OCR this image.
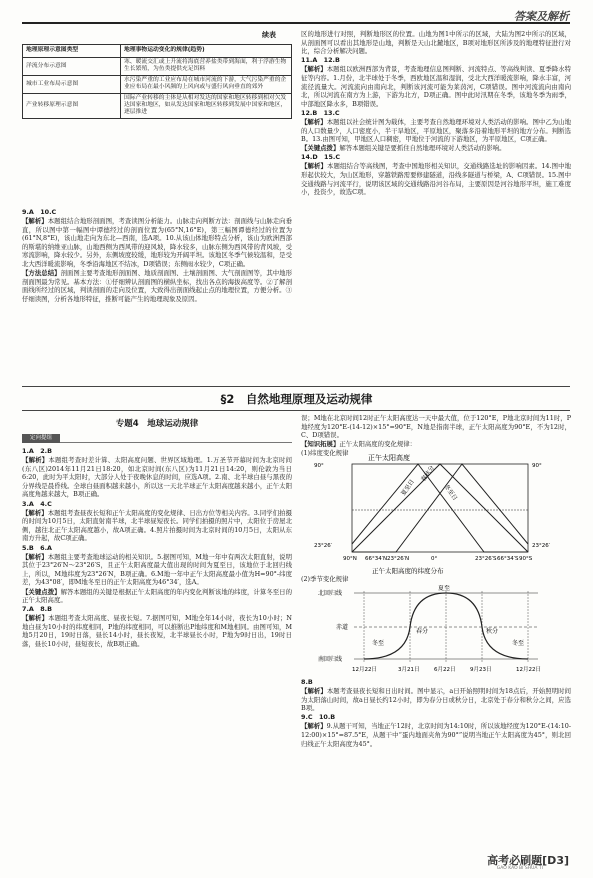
答案及解析
续表
地理原理示意图类型	地理事物运动变化的规律(趋势)
洋流分布示意图	寒、暖流交汇或上升流将海底营养盐类带到海面，利于浮游生物生长繁殖，为鱼类提供充足饵料
城市工业布局示意图	水污染严重的工业应布局在城市河流的下游，大气污染严重的企业应布局在最小风频的上风向或与盛行风向垂直的郊外
产业转移原理示意图	国际产业转移的主体是从相对发达的国家和地区转移到相对欠发达国家和地区，如从发达国家和地区转移到发展中国家和地区，逐层推进

9.A　10.C

【解析】本题组结合地形剖面图，考查读图分析能力。山脉走向判断方法：剖面线与山脉走向垂直，所以图中第一幅图中谭德经过的剖面位置为(65°N,16°E)，第三幅图谭德经过的位置为(61°N,8°E)，该山地走向为东北—西南，选A项。10.从该山体地形特点分析，该山为欧洲西部的斯堪的纳维亚山脉，山地西侧为西风带的迎风坡，降水较多，山脉东侧为西风带的背风坡，受寒流影响，降水较少。另外，东侧坡度较缓，地形较为开阔平坦。该地区冬季气候较温和，是受北大西洋暖流影响，冬季沿海地区不结冰，D项错误；东侧雨水较少，C项正确。

【方法总结】剖面图主要考查地形剖面图、地质剖面图、土壤剖面图、大气剖面图等，其中地形剖面图最为常见。基本方法：①仔细辨认剖面图的横纵坐标，找出各点的海拔高度等。②了解剖面线所经过的区域，判读剖面的走向及位置，大致得出剖面线起止点的地理位置，方便分析。③仔细读图，分析各地形特征，推断可能产生的地理现象及原因。

区的地形进行对照，判断地形区的位置。山地为图1中所示的区域，大陆为图2中所示的区域，从剖面图可以看出其地形是山地，判断是天山北麓地区，B项对地形区所涉及的地理特征进行对比，综合分析解决问题。

11.A　12.B

【解析】本题组以欧洲西部为背景，考查地理信息图判断、河流特点、等高线判读、夏季降水特征等内容。1.月份，北半球处于冬季，西欧地区温和湿润，受北大西洋暖流影响，降水丰富，河流径流量大。河流流向由南向北，判断该河流可能为莱茵河，C项错误。图中河流流向由南向北，所以河流在南方为上游，下游为北方，D项正确。图中此时汛期在冬季，该地冬季为雨季，中部地区降水多，B项错误。

12.B　13.C

【解析】本题组以社会统计图为载体，主要考查自然地理环境对人类活动的影响。图中乙为山地的人口数量少，人口密度小，半干旱地区，平原地区，聚落多沿着地形平坦的地方分布。判断选B。13.由图可知，甲地区人口稠密，甲地位于河流的下游地区，为平原地区，C项正确。

【关键点拨】解答本题组关键是要抓住自然地理环境对人类活动的影响。

14.D　15.C

【解析】本题组结合等高线图，考查中国地形相关知识，交通线路选址的影响因素。14.图中地形起伏较大，为山区地形，穿越铁路需要修建隧道，沿线多隧道与桥梁，A、C项错误。15.图中交通线路与河流平行，说明该区域的交通线路沿河谷布局，主要原因是河谷地形平坦，施工难度小，投资少，故选C项。

§2　自然地理原理及运动规律
专题4　地球运动规律
定向提组

1.A　2.B

【解析】本题组考查时差计算、太阳高度问题、世界区域地理。1.万圣节开幕时间为北京时间(东八区)2014年11月21日18:20，如北京时间(东八区)为11月21日14:20，则伦敦为当日6:20，此时为平太阳时，大部分人处于夜晚休息的时间，应选A项。2.南、北半球白昼与黑夜的分界线是晨昏线。全球白昼面积越来越小，所以这一天北半球正午太阳高度越来越小，正午太阳高度角越来越大，B项正确。

3.A　4.C

【解析】本题组考查昼夜长短和正午太阳高度的变化规律、日出方位等相关内容。3.同学们拍摄的时间为10月5日，太阳直射南半球，北半球昼短夜长。同学们拍摄的照片中，太阳位于房屋北侧，越往北正午太阳高度越小，故A项正确。4.照片拍摄时间为北京时间的10月5日，太阳从东南方升起，故C项正确。

5.B　6.A

【解析】本题组主要考查地球运动的相关知识。5.据图可知，M地一年中有两次太阳直射，说明其位于23°26′N～23°26′S，且正午太阳高度最大值出现的时间为夏至日，该地位于北回归线上，所以，M地纬度为23°26′N，B项正确。6.M地一年中正午太阳高度最小值为H=90°-纬度差，为43°08′，即M地冬至日的正午太阳高度为46°34′，选A。

【关键点拨】解答本题组的关键是根据正午太阳高度的年内变化判断该地的纬度，计算冬至日的正午太阳高度。

7.A　8.B

【解析】本题组考查太阳高度、昼夜长短。7.据图可知，M地全年14小时，夜长为10小时；N地白昼为10小时的纬度相同，P地的纬度相同，可以推断出P地纬度和M地相同。由图可知，M地5月20日，19时日落，昼长14小时，昼长夜短，北半球昼长小时，P地为9时日出，19时日落，昼长10小时，昼短夜长，故B项正确。

误；M地在北京时间12时正午太阳高度达一天中最大值，位于120°E，P地北京时间为11时，P地经度为120°E-(14-12)×15°=90°E，N地是指南半球，正午太阳高度为90°E，不为12时，C、D项错误。

【知识拓展】正午太阳高度的变化规律：

(1)纬度变化规律

正午太阳高度
90°N 66°34′N 23°26′N	0°	23°26′S 66°34′S 90°S
90°
23°26′
90°
23°26′
冬至日
春秋分
夏至日
正午太阳高度的纬度分布
(2)季节变化规律
北回归线
赤道
南回归线
夏至
冬至
春分	秋分
冬至
12月22日	3月21日	6月22日	9月23日	12月22日

8.B

【解析】本题考查昼夜长短和日出时间。图中显示，a日开始照明时间为18点后，开始照明时间为太阳落山时间，故a日昼长约12小时，即为春分日或秋分日，北京处于春分和秋分之间，应选B项。

9.C　10.B

【解析】9.从题干可知，当地正午12时，北京时间为14:10时，所以该地经度为120°E-(14:10-12:00)×15°=87.5°E，从题干中“蛋内地面夹角为90°”说明当地正午太阳高度为45°，则北回归线正午太阳高度为45°。

高考必刷题[D3]
GAO KAO BI SHUA TI
